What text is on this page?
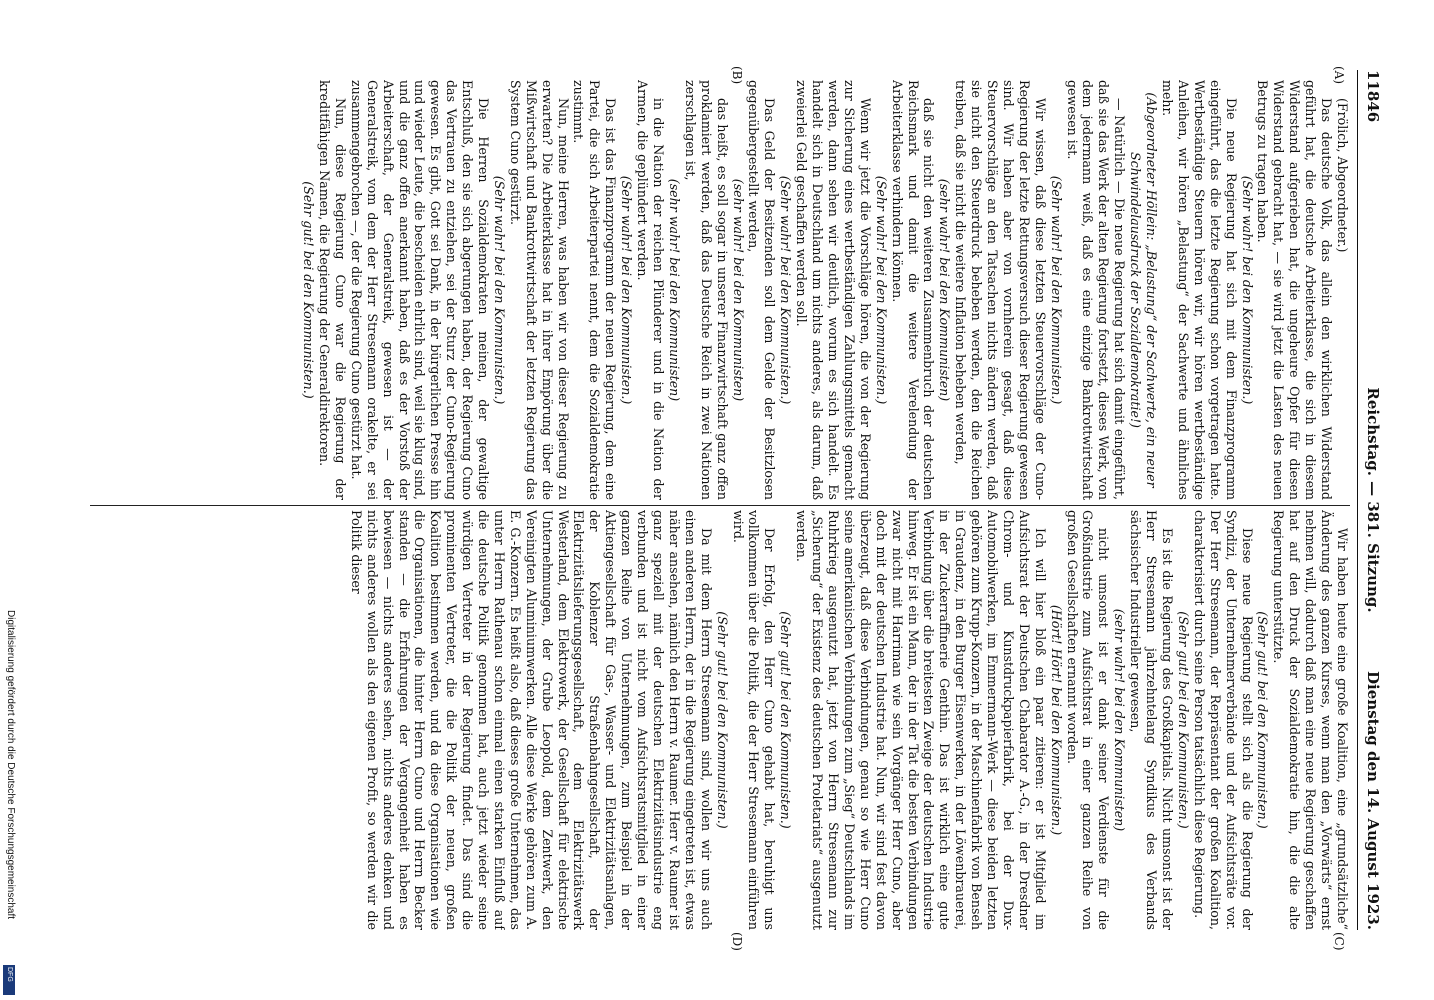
11846
Reichstag. — 381. Sitzung.
Dienstag den 14. August 1923.
(A)
(B)
(C)
(D)

(Frölich, Abgeordneter.)

Das deutsche Volk, das allein den wirklichen Widerstand geführt hat, die deutsche Arbeiterklasse, die sich in diesem Widerstand aufgerieben hat, die ungeheure Opfer für diesen Widerstand gebracht hat, — sie wird jetzt die Lasten des neuen Betrugs zu tragen haben.

(Sehr wahr! bei den Kommunisten.)

Die neue Regierung hat sich mit dem Finanzprogramm eingeführt, das die letzte Regierung schon vorgetragen hatte. Wertbeständige Steuern hören wir, wir hören wertbeständige Anleihen, wir hören „Belastung“ der Sachwerte und ähnliches mehr.

(Abgeordneter Höllein: „Belastung“ der Sachwerte, ein neuer Schwindelausdruck der Sozialdemokratie!)

— Natürlich — Die neue Regierung hat sich damit eingeführt, daß sie das Werk der alten Regierung fortsetzt, dieses Werk, von dem jedermann weiß, daß es eine einzige Bankrottwirtschaft gewesen ist.

(Sehr wahr! bei den Kommunisten.)

Wir wissen, daß diese letzten Steuervorschläge der Cuno-Regierung der letzte Rettungsversuch dieser Regierung gewesen sind. Wir haben aber von vornherein gesagt, daß diese Steuervorschläge an den Tatsachen nichts ändern werden, daß sie nicht den Steuerdruck beheben werden, den die Reichen treiben, daß sie nicht die weitere Inflation beheben werden,

(sehr wahr! bei den Kommunisten)

daß sie nicht den weiteren Zusammenbruch der deutschen Reichsmark und damit die weitere Verelendung der Arbeiterklasse verhindern können.

(Sehr wahr! bei den Kommunisten.)

Wenn wir jetzt die Vorschläge hören, die von der Regierung zur Sicherung eines wertbeständigen Zahlungsmittels gemacht werden, dann sehen wir deutlich, worum es sich handelt. Es handelt sich in Deutschland um nichts anderes, als darum, daß zweierlei Geld geschaffen werden soll.

(Sehr wahr! bei den Kommunisten.)

Das Geld der Besitzenden soll dem Gelde der Besitzlosen gegenübergestellt werden,

(sehr wahr! bei den Kommunisten)

das heißt, es soll sogar in unserer Finanzwirtschaft ganz offen proklamiert werden, daß das Deutsche Reich in zwei Nationen zerschlagen ist,

(sehr wahr! bei den Kommunisten)

in die Nation der reichen Plünderer und in die Nation der Armen, die geplündert werden.

(Sehr wahr! bei den Kommunisten.)

Das ist das Finanzprogramm der neuen Regierung, dem eine Partei, die sich Arbeiterpartei nennt, dem die Sozialdemokratie zustimmt.

Nun, meine Herren, was haben wir von dieser Regierung zu erwarten? Die Arbeiterklasse hat in ihrer Empörung über die Mißwirtschaft und Bankrottwirtschaft der letzten Regierung das System Cuno gestürzt.

(Sehr wahr! bei den Kommunisten.)

Die Herren Sozialdemokraten meinen, der gewaltige Entschluß, den sie sich abgerungen haben, der Regierung Cuno das Vertrauen zu entziehen, sei der Sturz der Cuno-Regierung gewesen. Es gibt, Gott sei Dank, in der bürgerlichen Presse hin und wieder Leute, die bescheiden ehrlich sind, weil sie klug sind, und die ganz offen anerkannt haben, daß es der Vorstoß der Arbeiterschaft, der Generalstreik, gewesen ist — der Generalstreik, vom dem der Herr Stresemann orakelte, er sei zusammengebrochen —, der die Regierung Cuno gestürzt hat.

Nun, diese Regierung Cuno war die Regierung der kreditfähigen Namen, die Regierung der Generaldirektoren.

(Sehr gut! bei den Kommunisten.)

Wir haben heute eine große Koalition, eine „grundsätzliche“ Änderung des ganzen Kurses, wenn man den „Vorwärts“ ernst nehmen will, dadurch daß man eine neue Regierung geschaffen hat auf den Druck der Sozialdemokratie hin, die die alte Regierung unterstützte.

(Sehr gut! bei den Kommunisten.)

Diese neue Regierung stellt sich als die Regierung der Syndizi, der Unternehmerverbände und der Aufsichtsräte vor. Der Herr Stresemann, der Repräsentant der großen Koalition, charakterisiert durch seine Person tatsächlich diese Regierung.

(Sehr gut! bei den Kommunisten.)

Es ist die Regierung des Großkapitals. Nicht umsonst ist der Herr Stresemann jahrzehntelang Syndikus des Verbands sächsischer Industrieller gewesen,

(sehr wahr! bei den Kommunisten)

nicht umsonst ist er dank seiner Verdienste für die Großindustrie zum Aufsichtsrat in einer ganzen Reihe von großen Gesellschaften ernannt worden.

(Hört! Hört! bei den Kommunisten.)

Ich will hier bloß ein paar zitieren: er ist Mitglied im Aufsichtsrat der Deutschen Chabarator A.-G., in der Dresdner Chrom- und Kunstdruckpapierfabrik, bei der Dux-Automobilwerken, im Emmermann-Werk — diese beiden letzten gehören zum Krupp-Konzern, in der Maschinenfabrik von Benseh in Graudenz, in den Burger Eisenwerken, in der Löwenbrauerei, in der Zuckerraffinerie Genthin. Das ist wirklich eine gute Verbindung über die breitesten Zweige der deutschen Industrie hinweg. Er ist ein Mann, der in der Tat die besten Verbindungen zwar nicht mit Harriman wie sein Vorgänger Herr Cuno, aber doch mit der deutschen Industrie hat. Nun, wir sind fest davon überzeugt, daß diese Verbindungen, genau so wie Herr Cuno seine amerikanischen Verbindungen zum „Sieg“ Deutschlands im Ruhrkrieg ausgenutzt hat, jetzt von Herrn Stresemann zur „Sicherung“ der Existenz des deutschen Proletariats“ ausgenutzt werden.

(Sehr gut! bei den Kommunisten.)

Der Erfolg, den Herr Cuno gehabt hat, beruhigt uns vollkommen über die Politik, die der Herr Stresemann einführen wird.

(Sehr gut! bei den Kommunisten.)

Da mit dem Herrn Stresemann sind, wollen wir uns auch einen anderen Herrn, der in die Regierung eingetreten ist, etwas näher ansehen, nämlich den Herrn v. Raumer. Herr v. Raumer ist ganz speziell mit der deutschen Elektrizitätsindustrie eng verbunden und ist nicht vom Aufsichtsratsmitglied in einer ganzen Reihe von Unternehmungen, zum Beispiel in der Aktiengesellschaft für Gas-, Wasser- und Elektrizitätsanlagen, der Koblenzer Straßenbahngesellschaft, der Elektrizitätslieferungsgesellschaft, dem Elektrizitätswerk Westerland, dem Elektrowerk, der Gesellschaft für elektrische Unternehmungen, der Grube Leopold, dem Zentwerk, den Vereinigten Aluminiumwerken. Alle diese Werke gehören zum A. E. G.-Konzern. Es heißt also, daß dieses große Unternehmen, das unter Herrn Rathenau schon einmal einen starken Einfluß auf die deutsche Politik genommen hat, auch jetzt wieder seine würdigen Vertreter in der Regierung findet. Das sind die prominenten Vertreter, die die Politik der neuen, großen Koalition bestimmen werden, und da diese Organisationen wie die Organisationen, die hinter Herrn Cuno und Herrn Becker standen — die Erfahrungen der Vergangenheit haben es bewiesen — nichts anderes sehen, nichts anderes denken und nichts anderes wollen als den eigenen Profit, so werden wir die Politik dieser

Digitalisierung gefördert durch die Deutsche Forschungsgemeinschaft
DFG
